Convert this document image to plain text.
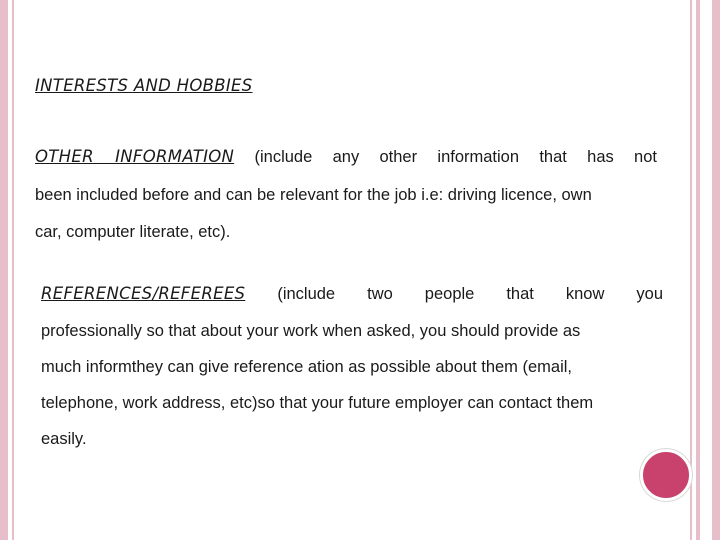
INTERESTS AND HOBBIES
OTHER INFORMATION (include any other information that has not
been included before and can be relevant for the job i.e: driving licence, own
car, computer literate, etc).
REFERENCES/REFEREES (include two people that know you
professionally so that about your work when asked, you should provide as
much informthey can give reference ation as possible about them (email,
telephone, work address, etc)so that your future employer can contact them
easily.
